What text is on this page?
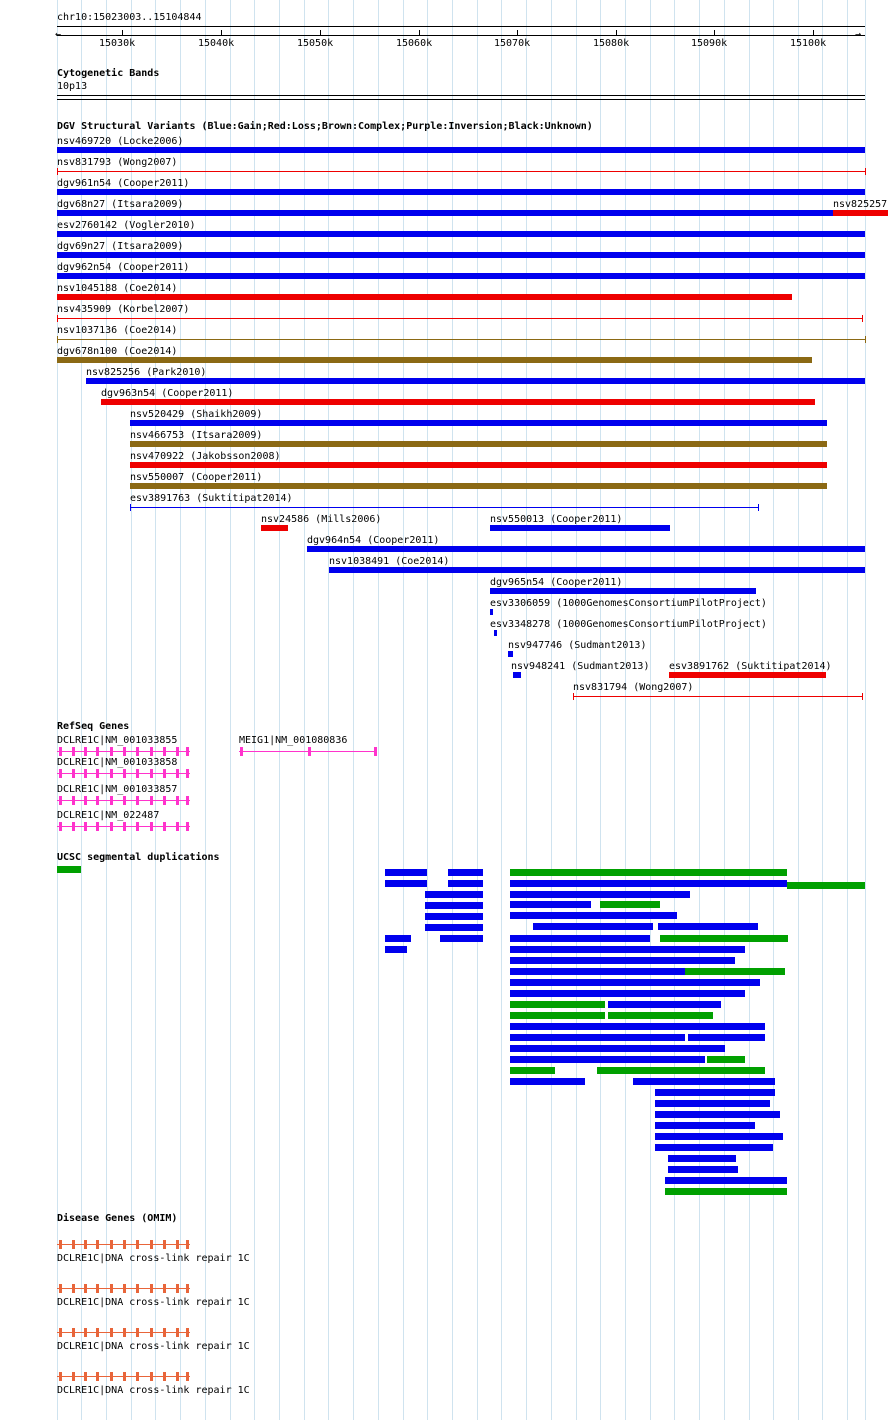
chr10:15023003..15104844
←	→
15030k	15040k	15050k	15060k	15070k	15080k	15090k	15100k
Cytogenetic Bands
10p13
DGV Structural Variants (Blue:Gain;Red:Loss;Brown:Complex;Purple:Inversion;Black:Unknown)
nsv469720 (Locke2006)
nsv831793 (Wong2007)
dgv961n54 (Cooper2011)
dgv68n27 (Itsara2009)	nsv825257
esv2760142 (Vogler2010)
dgv69n27 (Itsara2009)
dgv962n54 (Cooper2011)
nsv1045188 (Coe2014)
nsv435909 (Korbel2007)
nsv1037136 (Coe2014)
dgv678n100 (Coe2014)
nsv825256 (Park2010)
dgv963n54 (Cooper2011)
nsv520429 (Shaikh2009)
nsv466753 (Itsara2009)
nsv470922 (Jakobsson2008)
nsv550007 (Cooper2011)
esv3891763 (Suktitipat2014)
nsv24586 (Mills2006)	nsv550013 (Cooper2011)
dgv964n54 (Cooper2011)
nsv1038491 (Coe2014)
dgv965n54 (Cooper2011)
esv3306059 (1000GenomesConsortiumPilotProject)
esv3348278 (1000GenomesConsortiumPilotProject)
nsv947746 (Sudmant2013)
nsv948241 (Sudmant2013) esv3891762 (Suktitipat2014)
nsv831794 (Wong2007)
RefSeq Genes
DCLRE1C|NM_001033855	MEIG1|NM_001080836
DCLRE1C|NM_001033858
DCLRE1C|NM_001033857
DCLRE1C|NM_022487
UCSC segmental duplications
Disease Genes (OMIM)
DCLRE1C|DNA cross-link repair 1C
DCLRE1C|DNA cross-link repair 1C
DCLRE1C|DNA cross-link repair 1C
DCLRE1C|DNA cross-link repair 1C
